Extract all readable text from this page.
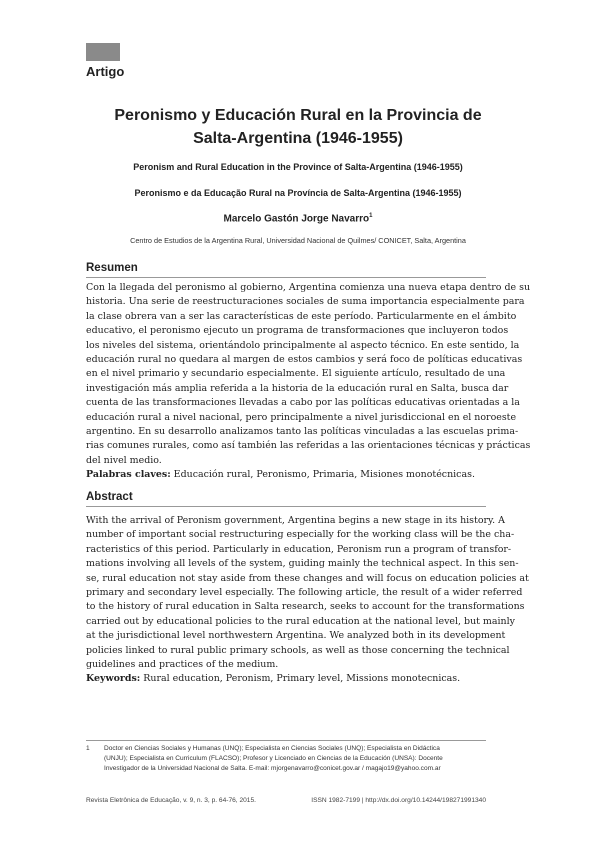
Artigo
Peronismo y Educación Rural en la Provincia de
Salta-Argentina (1946-1955)
Peronism and Rural Education in the Province of Salta-Argentina (1946-1955)
Peronismo e da Educação Rural na Província de Salta-Argentina (1946-1955)
Marcelo Gastón Jorge Navarro$^1$
Centro de Estudios de la Argentina Rural, Universidad Nacional de Quilmes/ CONICET, Salta, Argentina
Resumen
Con la llegada del peronismo al gobierno, Argentina comienza una nueva etapa dentro de su
historia. Una serie de reestructuraciones sociales de suma importancia especialmente para
la clase obrera van a ser las características de este período. Particularmente en el ámbito
educativo, el peronismo ejecuto un programa de transformaciones que incluyeron todos
los niveles del sistema, orientándolo principalmente al aspecto técnico. En este sentido, la
educación rural no quedara al margen de estos cambios y será foco de políticas educativas
en el nivel primario y secundario especialmente. El siguiente artículo, resultado de una
investigación más amplia referida a la historia de la educación rural en Salta, busca dar
cuenta de las transformaciones llevadas a cabo por las políticas educativas orientadas a la
educación rural a nivel nacional, pero principalmente a nivel jurisdiccional en el noroeste
argentino. En su desarrollo analizamos tanto las políticas vinculadas a las escuelas prima-
rias comunes rurales, como así también las referidas a las orientaciones técnicas y prácticas
del nivel medio.
Palabras claves: Educación rural, Peronismo, Primaria, Misiones monotécnicas.
Abstract
With the arrival of Peronism government, Argentina begins a new stage in its history. A
number of important social restructuring especially for the working class will be the cha-
racteristics of this period. Particularly in education, Peronism run a program of transfor-
mations involving all levels of the system, guiding mainly the technical aspect. In this sen-
se, rural education not stay aside from these changes and will focus on education policies at
primary and secondary level especially. The following article, the result of a wider referred
to the history of rural education in Salta research, seeks to account for the transformations
carried out by educational policies to the rural education at the national level, but mainly
at the jurisdictional level northwestern Argentina. We analyzed both in its development
policies linked to rural public primary schools, as well as those concerning the technical
guidelines and practices of the medium.
Keywords: Rural education, Peronism, Primary level, Missions monotecnicas.
1 Doctor en Ciencias Sociales y Humanas (UNQ); Especialista en Ciencias Sociales (UNQ); Especialista en Didáctica
(UNJU); Especialista en Curriculum (FLACSO); Profesor y Licenciado en Ciencias de la Educación (UNSA): Docente
Investigador de la Universidad Nacional de Salta. E-mail: mjorgenavarro@conicet.gov.ar / magajo19@yahoo.com.ar
Revista Eletrônica de Educação, v. 9, n. 3, p. 64-76, 2015.	ISSN 1982-7199 | http://dx.doi.org/10.14244/198271991340
